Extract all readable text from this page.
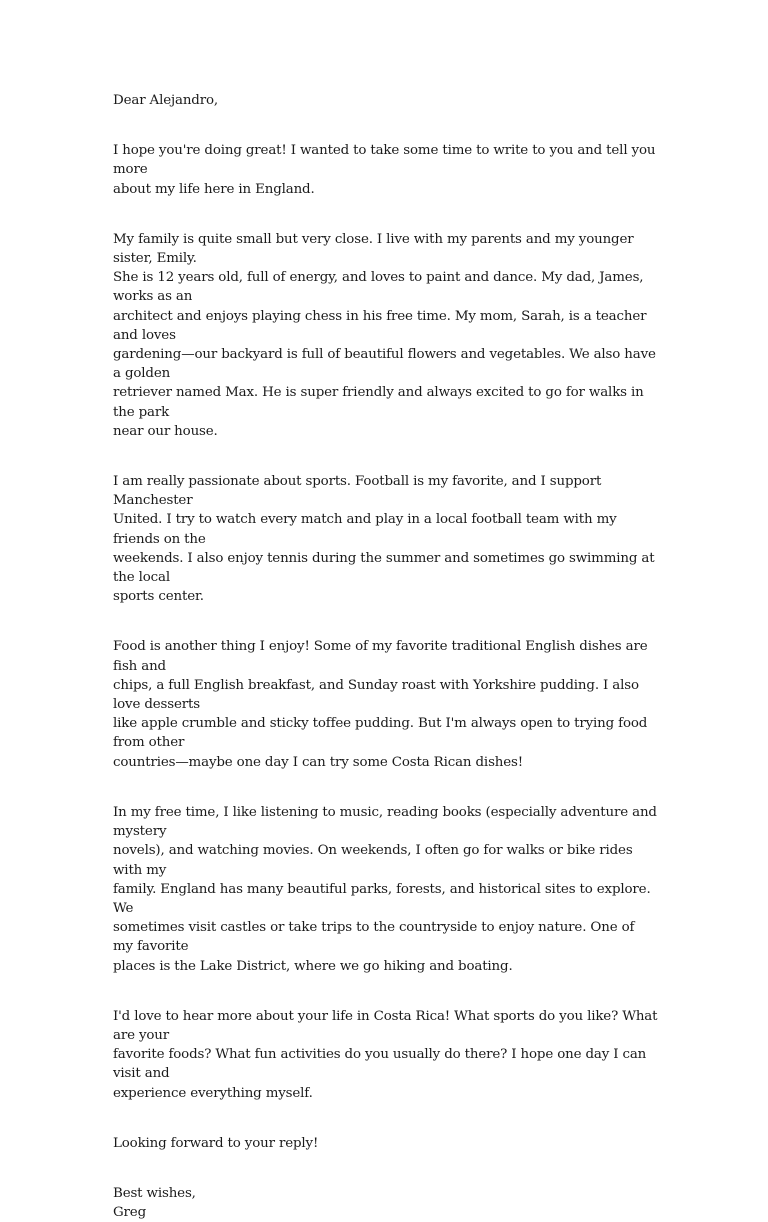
Dear Alejandro,

I hope you're doing great! I wanted to take some time to write to you and tell you more
about my life here in England.

My family is quite small but very close. I live with my parents and my younger sister, Emily.
She is 12 years old, full of energy, and loves to paint and dance. My dad, James, works as an
architect and enjoys playing chess in his free time. My mom, Sarah, is a teacher and loves
gardening—our backyard is full of beautiful flowers and vegetables. We also have a golden
retriever named Max. He is super friendly and always excited to go for walks in the park
near our house.

I am really passionate about sports. Football is my favorite, and I support Manchester
United. I try to watch every match and play in a local football team with my friends on the
weekends. I also enjoy tennis during the summer and sometimes go swimming at the local
sports center.

Food is another thing I enjoy! Some of my favorite traditional English dishes are fish and
chips, a full English breakfast, and Sunday roast with Yorkshire pudding. I also love desserts
like apple crumble and sticky toffee pudding. But I'm always open to trying food from other
countries—maybe one day I can try some Costa Rican dishes!

In my free time, I like listening to music, reading books (especially adventure and mystery
novels), and watching movies. On weekends, I often go for walks or bike rides with my
family. England has many beautiful parks, forests, and historical sites to explore. We
sometimes visit castles or take trips to the countryside to enjoy nature. One of my favorite
places is the Lake District, where we go hiking and boating.

I'd love to hear more about your life in Costa Rica! What sports do you like? What are your
favorite foods? What fun activities do you usually do there? I hope one day I can visit and
experience everything myself.

Looking forward to your reply!

Best wishes,

Greg
